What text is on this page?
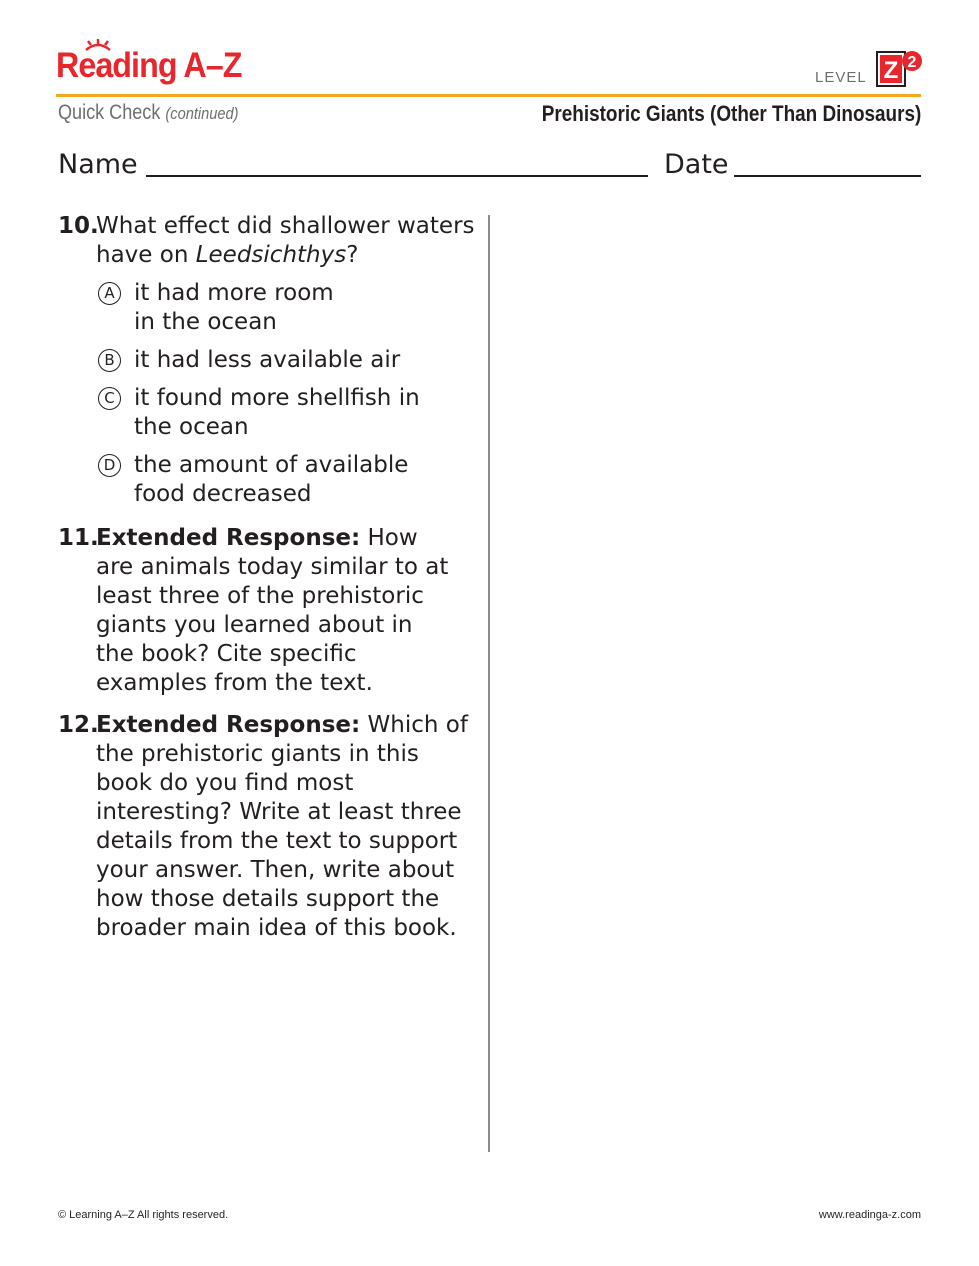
Reading A–Z	LEVEL Z 2
Quick Check (continued)	Prehistoric Giants (Other Than Dinosaurs)
Name	Date
10.
What effect did shallower waters have on Leedsichthys?
A it had more room in the ocean
B it had less available air
C it found more shellfish in the ocean
D the amount of available food decreased
11.
Extended Response: How are animals today similar to at least three of the prehistoric giants you learned about in the book? Cite specific examples from the text.
12.
Extended Response: Which of the prehistoric giants in this book do you find most interesting? Write at least three details from the text to support your answer. Then, write about how those details support the broader main idea of this book.
© Learning A–Z All rights reserved.	www.readinga-z.com
